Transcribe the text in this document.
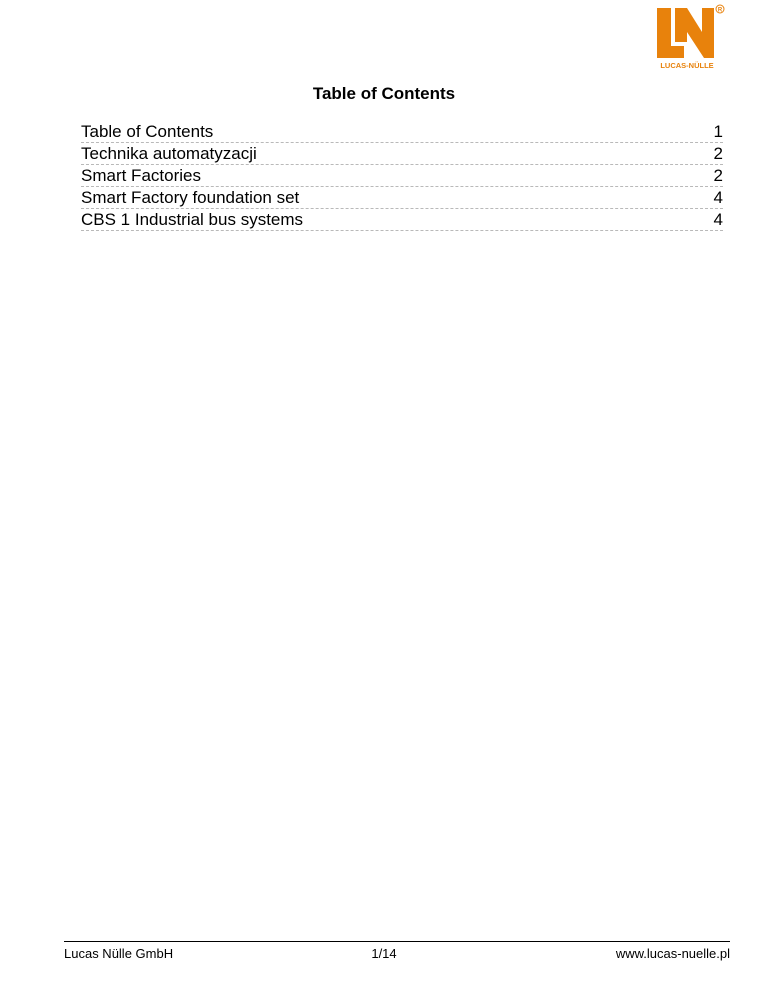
R
LUCAS-NÜLLE
Table of Contents
Table of Contents	1
Technika automatyzacji	2
Smart Factories	2
Smart Factory foundation set	4
CBS 1 Industrial bus systems	4
Lucas Nülle GmbH	1/14	www.lucas-nuelle.pl
